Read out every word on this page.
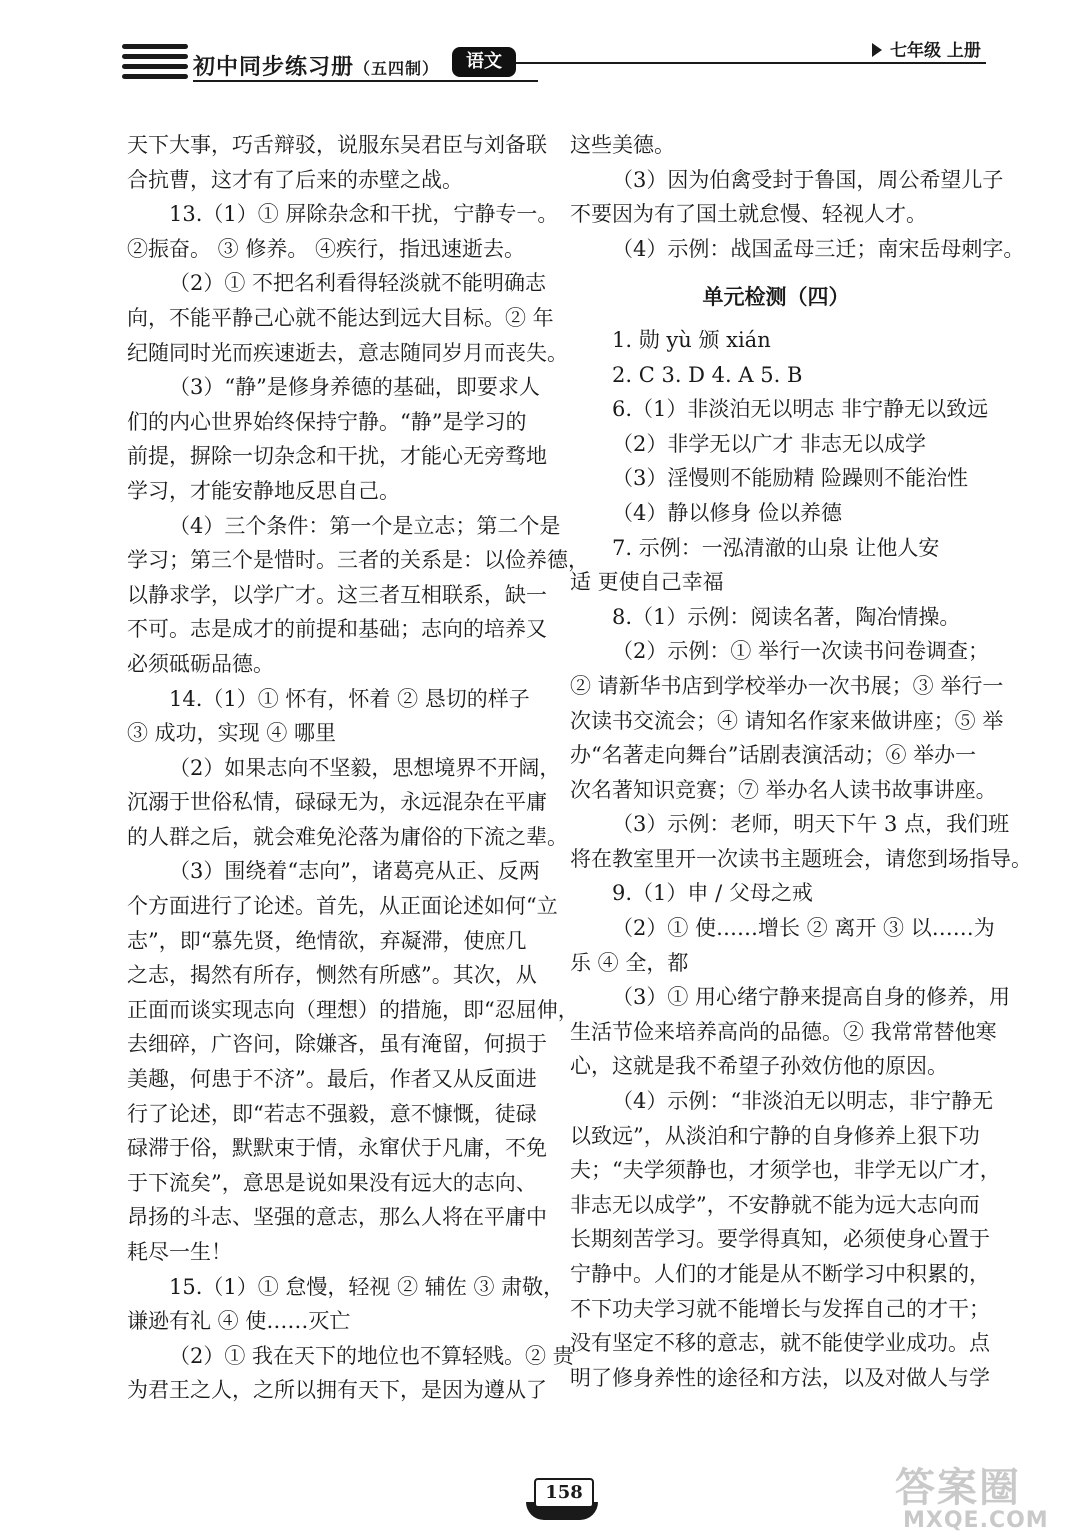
初中同步练习册（五四制）	语文	七年级 上册

天下大事，巧舌辩驳，说服东吴君臣与刘备联

合抗曹，这才有了后来的赤壁之战。

13.（1）① 屏除杂念和干扰，宁静专一。

②振奋。 ③ 修养。 ④疾行，指迅速逝去。

（2）① 不把名利看得轻淡就不能明确志

向，不能平静己心就不能达到远大目标。② 年

纪随同时光而疾速逝去，意志随同岁月而丧失。

（3）“静”是修身养德的基础，即要求人

们的内心世界始终保持宁静。“静”是学习的

前提，摒除一切杂念和干扰，才能心无旁骛地

学习，才能安静地反思自己。

（4）三个条件：第一个是立志；第二个是

学习；第三个是惜时。三者的关系是：以俭养德，

以静求学，以学广才。这三者互相联系，缺一

不可。志是成才的前提和基础；志向的培养又

必须砥砺品德。

14.（1）① 怀有，怀着 ② 恳切的样子

③ 成功，实现 ④ 哪里

（2）如果志向不坚毅，思想境界不开阔，

沉溺于世俗私情，碌碌无为，永远混杂在平庸

的人群之后，就会难免沦落为庸俗的下流之辈。

（3）围绕着“志向”，诸葛亮从正、反两

个方面进行了论述。首先，从正面论述如何“立

志”，即“慕先贤，绝情欲，弃凝滞，使庶几

之志，揭然有所存，恻然有所感”。其次，从

正面而谈实现志向（理想）的措施，即“忍屈伸，

去细碎，广咨问，除嫌吝，虽有淹留，何损于

美趣，何患于不济”。最后，作者又从反面进

行了论述，即“若志不强毅，意不慷慨，徒碌

碌滞于俗，默默束于情，永窜伏于凡庸，不免

于下流矣”，意思是说如果没有远大的志向、

昂扬的斗志、坚强的意志，那么人将在平庸中

耗尽一生！

15.（1）① 怠慢，轻视 ② 辅佐 ③ 肃敬，

谦逊有礼 ④ 使……灭亡

（2）① 我在天下的地位也不算轻贱。② 贵

为君王之人，之所以拥有天下，是因为遵从了

这些美德。

（3）因为伯禽受封于鲁国，周公希望儿子

不要因为有了国土就怠慢、轻视人才。

（4）示例：战国孟母三迁；南宋岳母刺字。

单元检测（四）

1. 勋 yù 颁 xián

2. C 3. D 4. A 5. B

6.（1）非淡泊无以明志 非宁静无以致远

（2）非学无以广才 非志无以成学

（3）淫慢则不能励精 险躁则不能治性

（4）静以修身 俭以养德

7. 示例：一泓清澈的山泉 让他人安

适 更使自己幸福

8.（1）示例：阅读名著，陶冶情操。

（2）示例：① 举行一次读书问卷调查；

② 请新华书店到学校举办一次书展；③ 举行一

次读书交流会；④ 请知名作家来做讲座；⑤ 举

办“名著走向舞台”话剧表演活动；⑥ 举办一

次名著知识竞赛；⑦ 举办名人读书故事讲座。

（3）示例：老师，明天下午 3 点，我们班

将在教室里开一次读书主题班会，请您到场指导。

9.（1）申 / 父母之戒

（2）① 使……增长 ② 离开 ③ 以……为

乐 ④ 全，都

（3）① 用心绪宁静来提高自身的修养，用

生活节俭来培养高尚的品德。② 我常常替他寒

心，这就是我不希望子孙效仿他的原因。

（4）示例：“非淡泊无以明志，非宁静无

以致远”，从淡泊和宁静的自身修养上狠下功

夫；“夫学须静也，才须学也，非学无以广才，

非志无以成学”，不安静就不能为远大志向而

长期刻苦学习。要学得真知，必须使身心置于

宁静中。人们的才能是从不断学习中积累的，

不下功夫学习就不能增长与发挥自己的才干；

没有坚定不移的意志，就不能使学业成功。点

明了修身养性的途径和方法，以及对做人与学

158	答案圈
MXQE.COM
